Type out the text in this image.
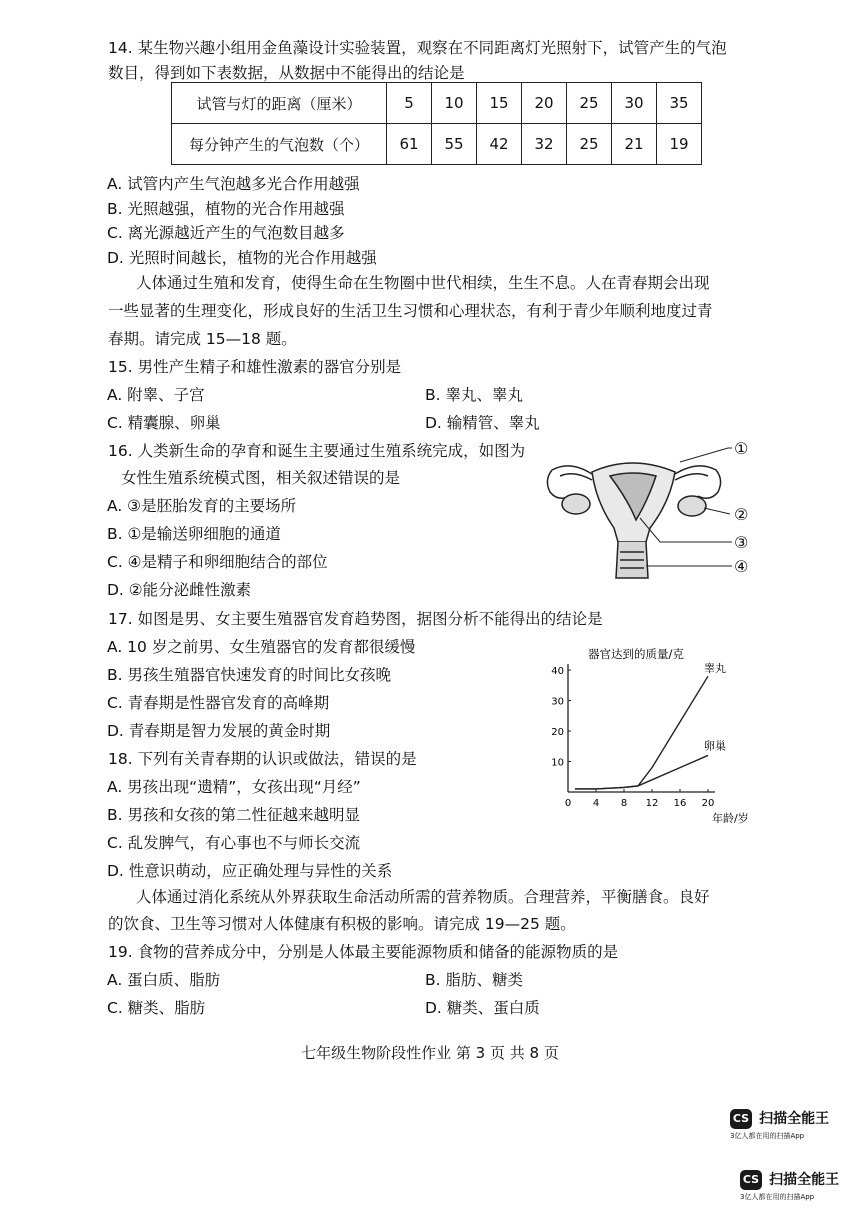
14. 某生物兴趣小组用金鱼藻设计实验装置，观察在不同距离灯光照射下，试管产生的气泡
数目，得到如下表数据，从数据中不能得出的结论是
试管与灯的距离（厘米）	5	10	15	20	25	30	35
每分钟产生的气泡数（个）	61	55	42	32	25	21	19
A. 试管内产生气泡越多光合作用越强
B. 光照越强，植物的光合作用越强
C. 离光源越近产生的气泡数目越多
D. 光照时间越长，植物的光合作用越强
人体通过生殖和发育，使得生命在生物圈中世代相续，生生不息。人在青春期会出现
一些显著的生理变化，形成良好的生活卫生习惯和心理状态，有利于青少年顺利地度过青
春期。请完成 15—18 题。
15. 男性产生精子和雄性激素的器官分别是
A. 附睾、子宫	B. 睾丸、睾丸
C. 精囊腺、卵巢	D. 输精管、睾丸
16. 人类新生命的孕育和诞生主要通过生殖系统完成，如图为
女性生殖系统模式图，相关叙述错误的是
A. ③是胚胎发育的主要场所
B. ①是输送卵细胞的通道
C. ④是精子和卵细胞结合的部位
D. ②能分泌雌性激素
①
②
③
④
17. 如图是男、女主要生殖器官发育趋势图，据图分析不能得出的结论是
A. 10 岁之前男、女生殖器官的发育都很缓慢
B. 男孩生殖器官快速发育的时间比女孩晚
C. 青春期是性器官发育的高峰期
D. 青春期是智力发展的黄金时期
器官达到的质量/克
年龄/岁
0 4 8 12 16 20
10
20
30
40	睾丸
卵巢
18. 下列有关青春期的认识或做法，错误的是
A. 男孩出现“遗精”，女孩出现“月经”
B. 男孩和女孩的第二性征越来越明显
C. 乱发脾气，有心事也不与师长交流
D. 性意识萌动，应正确处理与异性的关系
人体通过消化系统从外界获取生命活动所需的营养物质。合理营养，平衡膳食。良好
的饮食、卫生等习惯对人体健康有积极的影响。请完成 19—25 题。
19. 食物的营养成分中，分别是人体最主要能源物质和储备的能源物质的是
A. 蛋白质、脂肪	B. 脂肪、糖类
C. 糖类、脂肪	D. 糖类、蛋白质
七年级生物阶段性作业 第 3 页 共 8 页
CS 扫描全能王
3亿人都在用的扫描App
CS 扫描全能王
3亿人都在用的扫描App
